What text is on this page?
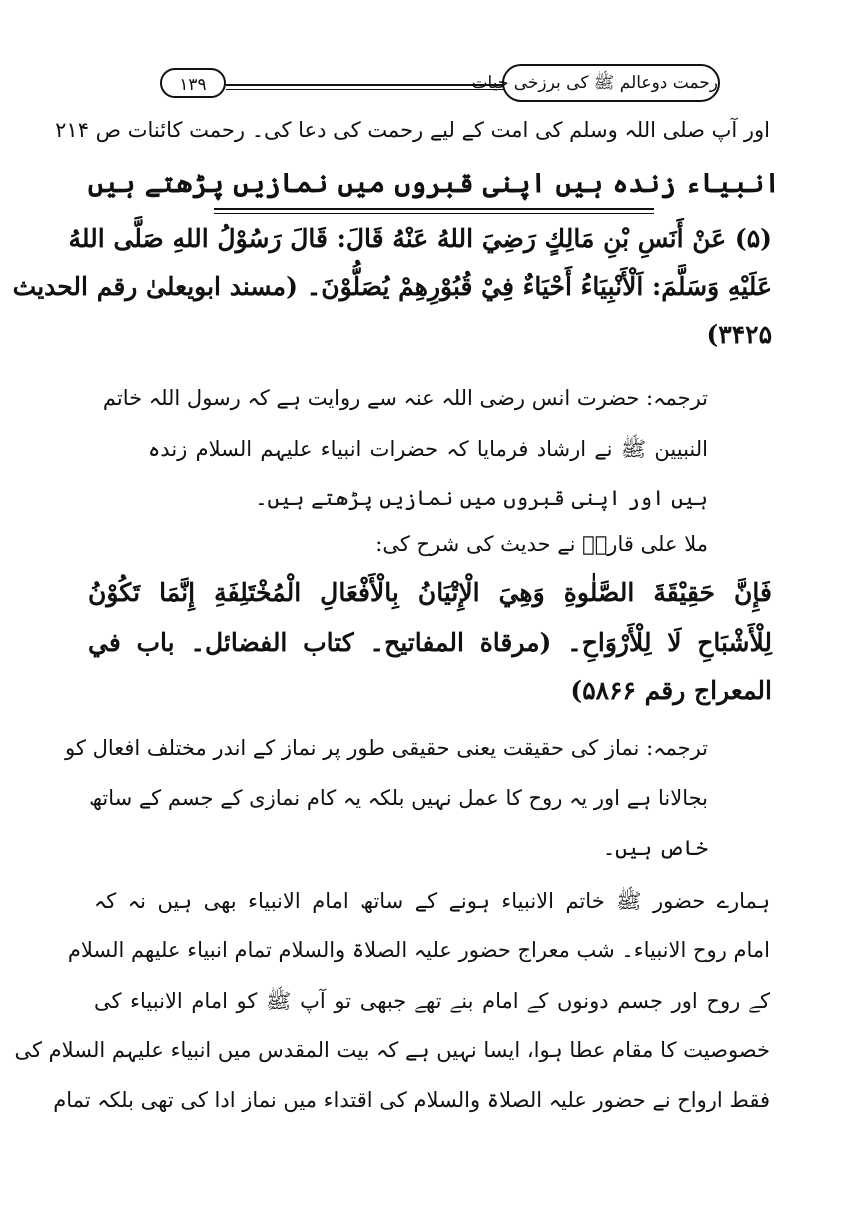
۱۳۹	رحمت دوعالم ﷺ کی برزخی حیات
اور آپ صلی اللہ وسلم کی امت کے لیے رحمت کی دعا کی۔ رحمت کائنات ص ۲۱۴
انبیاء زندہ ہیں اپنی قبروں میں نمازیں پڑھتے ہیں
(۵) عَنْ أَنَسِ بْنِ مَالِكٍ رَضِيَ اللهُ عَنْهُ قَالَ: قَالَ رَسُوْلُ اللهِ صَلَّى اللهُ
عَلَيْهِ وَسَلَّمَ: اَلْأَنْبِيَاءُ أَحْيَاءٌ فِيْ قُبُوْرِهِمْ يُصَلُّوْنَ۔ (مسند ابویعلیٰ رقم الحدیث
۳۴۲۵)
ترجمہ: حضرت انس رضی اللہ عنہ سے روایت ہے کہ رسول اللہ خاتم
النبیین ﷺ نے ارشاد فرمایا کہ حضرات انبیاء علیہم السلام زندہ
ہیں اور اپنی قبروں میں نمازیں پڑھتے ہیں۔
ملا علی قاریؒ نے حدیث کی شرح کی:
فَإِنَّ حَقِيْقَةَ الصَّلٰوةِ وَهِيَ الْإِتْيَانُ بِالْأَفْعَالِ الْمُخْتَلِفَةِ إِنَّمَا تَكُوْنُ
لِلْأَشْبَاحِ لَا لِلْأَرْوَاحِ۔ (مرقاة المفاتيح۔ كتاب الفضائل۔ باب في
المعراج رقم ۵۸۶۶)
ترجمہ: نماز کی حقیقت یعنی حقیقی طور پر نماز کے اندر مختلف افعال کو
بجالانا ہے اور یہ روح کا عمل نہیں بلکہ یہ کام نمازی کے جسم کے ساتھ
خاص ہیں۔
ہمارے حضور ﷺ خاتم الانبیاء ہونے کے ساتھ امام الانبیاء بھی ہیں نہ کہ
امام روح الانبیاء۔ شب معراج حضور علیہ الصلاۃ والسلام تمام انبیاء علیھم السلام
کے روح اور جسم دونوں کے امام بنے تھے جبھی تو آپ ﷺ کو امام الانبیاء کی
خصوصیت کا مقام عطا ہوا، ایسا نہیں ہے کہ بیت المقدس میں انبیاء علیہم السلام کی
فقط ارواح نے حضور علیہ الصلاۃ والسلام کی اقتداء میں نماز ادا کی تھی بلکہ تمام
